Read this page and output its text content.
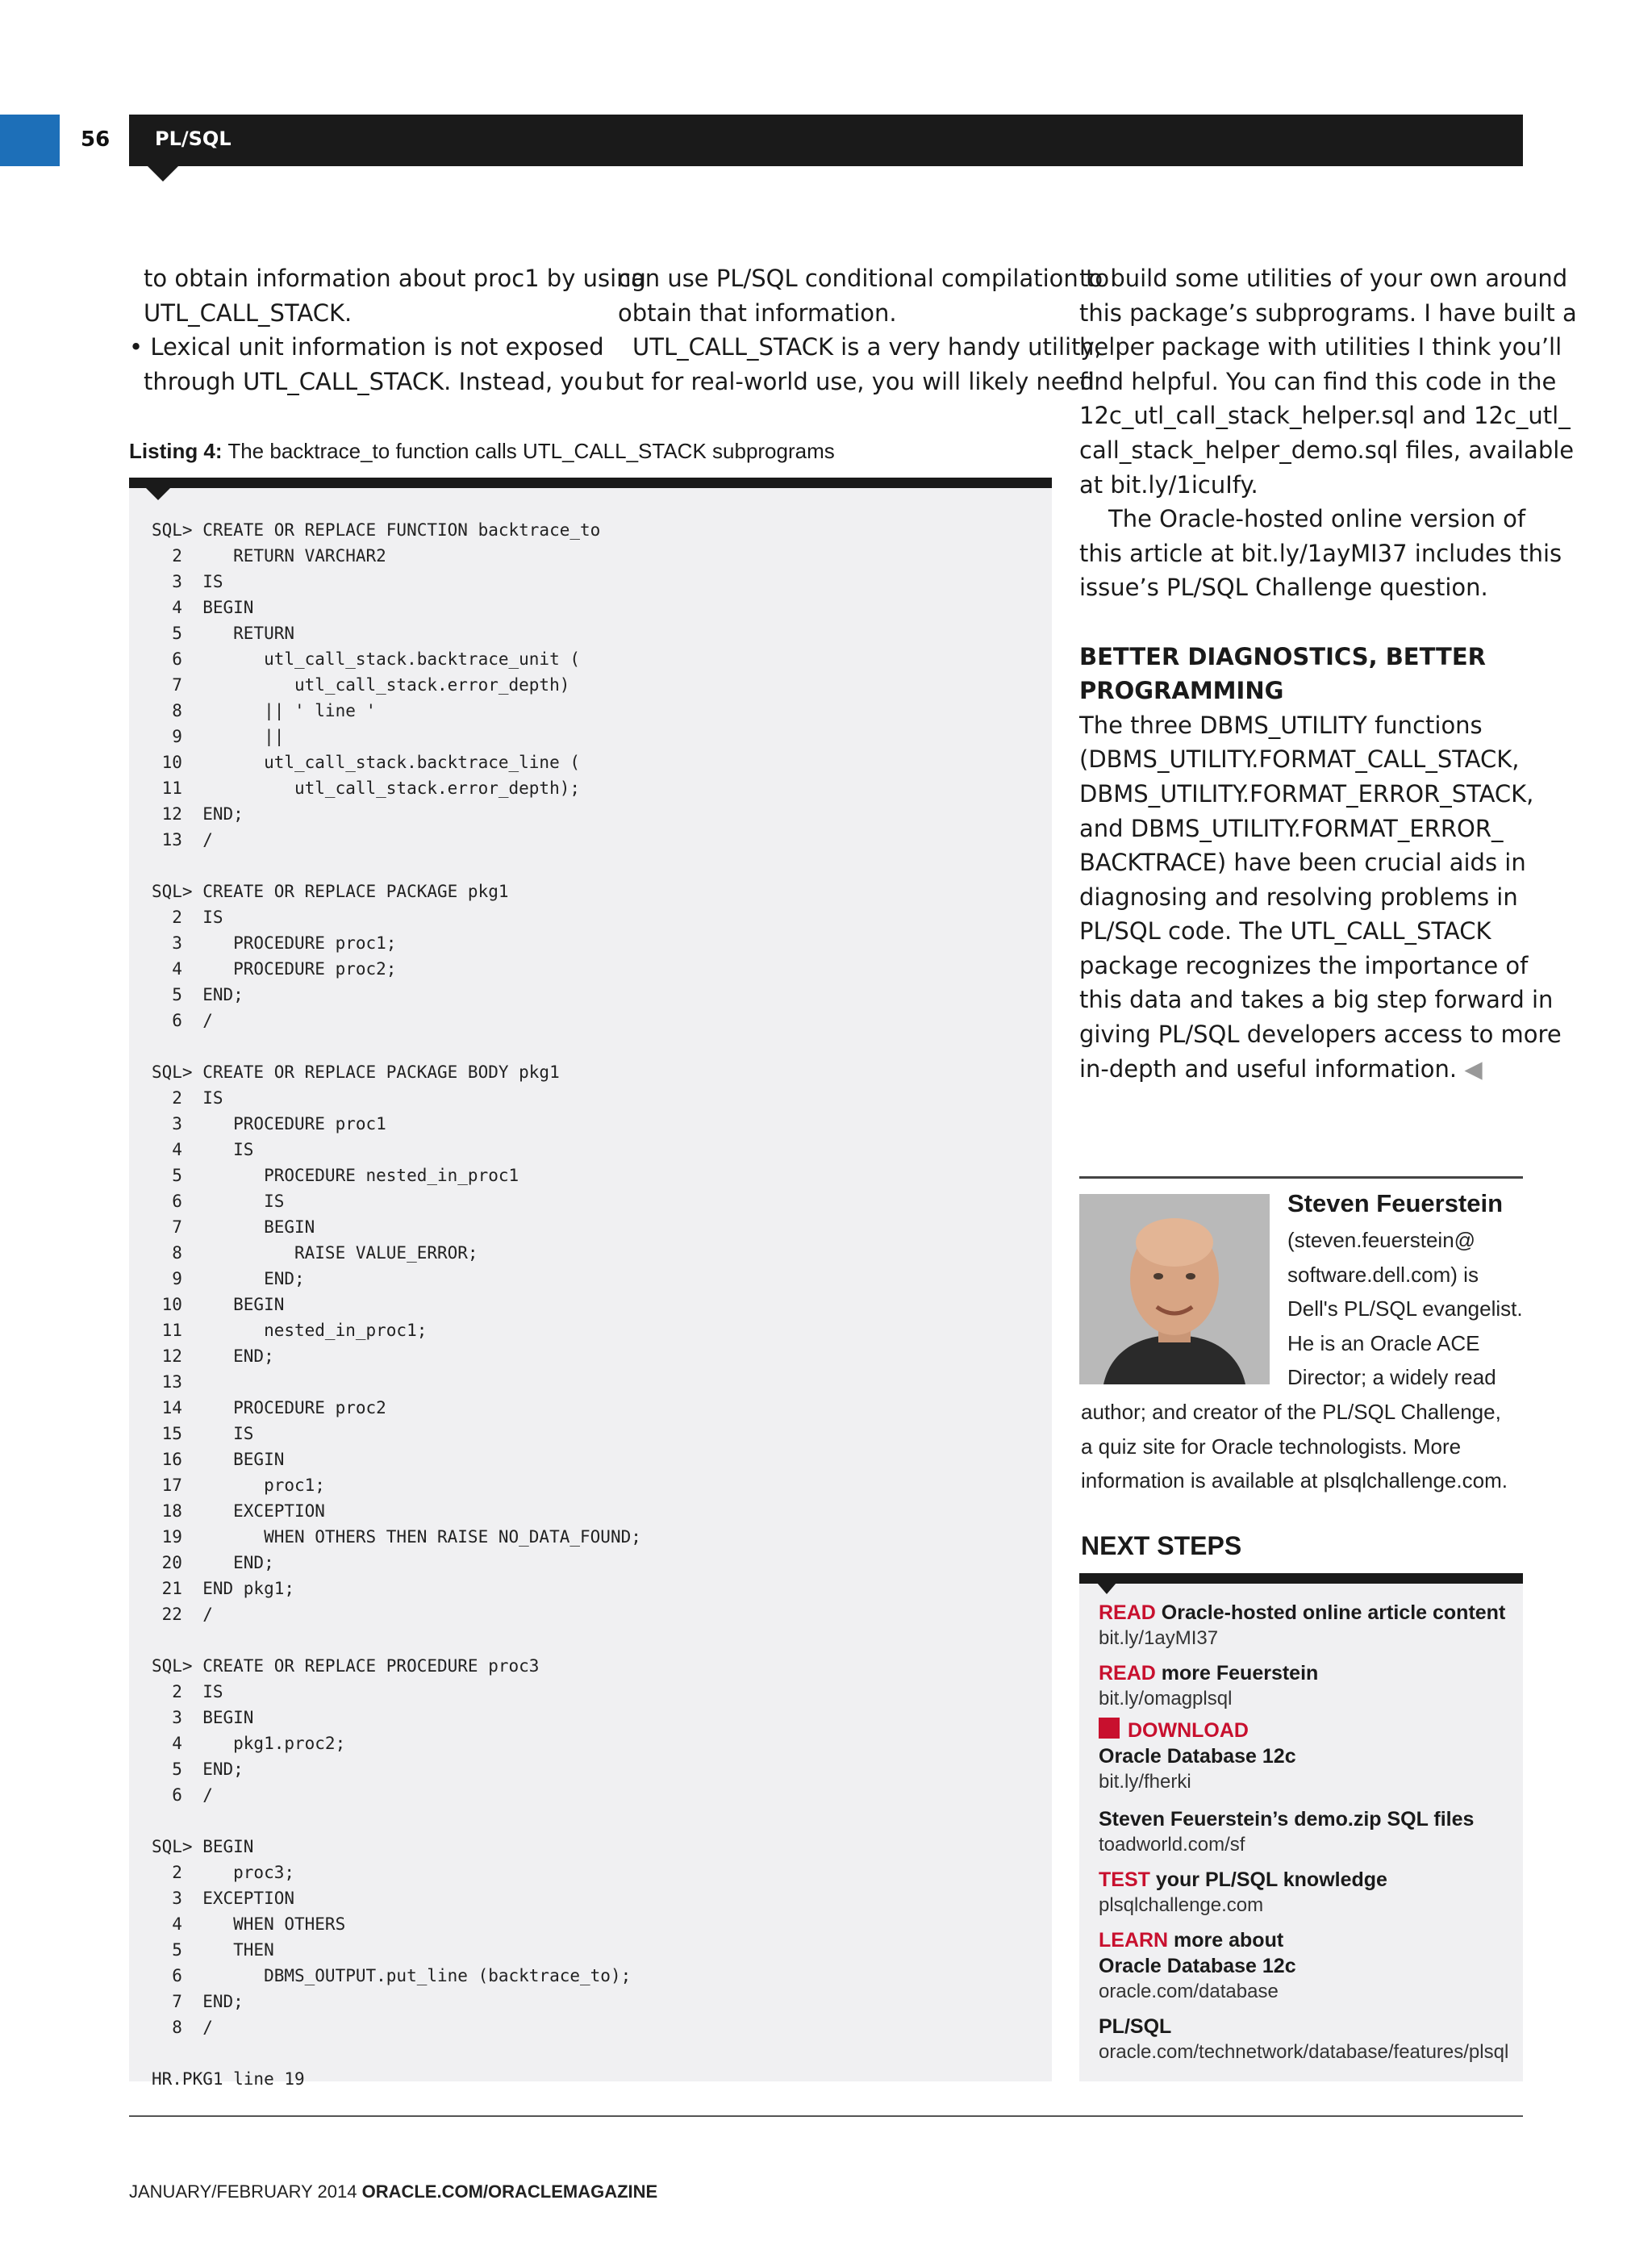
56 PL/SQL

to obtain information about proc1 by using

UTL_CALL_STACK.

• Lexical unit information is not exposed

through UTL_CALL_STACK. Instead, you

can use PL/SQL conditional compilation to

obtain that information.

UTL_CALL_STACK is a very handy utility,

but for real-world use, you will likely need

Listing 4: The backtrace_to function calls UTL_CALL_STACK subprograms
SQL> CREATE OR REPLACE FUNCTION backtrace_to
2     RETURN VARCHAR2
3  IS
4  BEGIN
5     RETURN
6        utl_call_stack.backtrace_unit (
7           utl_call_stack.error_depth)
8        || ' line '
9        ||
10        utl_call_stack.backtrace_line (
11           utl_call_stack.error_depth);
12  END;
13  /

SQL> CREATE OR REPLACE PACKAGE pkg1
2  IS
3     PROCEDURE proc1;
4     PROCEDURE proc2;
5  END;
6  /

SQL> CREATE OR REPLACE PACKAGE BODY pkg1
2  IS
3     PROCEDURE proc1
4     IS
5        PROCEDURE nested_in_proc1
6        IS
7        BEGIN
8           RAISE VALUE_ERROR;
9        END;
10     BEGIN
11        nested_in_proc1;
12     END;
13
14     PROCEDURE proc2
15     IS
16     BEGIN
17        proc1;
18     EXCEPTION
19        WHEN OTHERS THEN RAISE NO_DATA_FOUND;
20     END;
21  END pkg1;
22  /

SQL> CREATE OR REPLACE PROCEDURE proc3
2  IS
3  BEGIN
4     pkg1.proc2;
5  END;
6  /

SQL> BEGIN
2     proc3;
3  EXCEPTION
4     WHEN OTHERS
5     THEN
6        DBMS_OUTPUT.put_line (backtrace_to);
7  END;
8  /

HR.PKG1 line 19

to build some utilities of your own around

this package’s subprograms. I have built a

helper package with utilities I think you’ll

find helpful. You can find this code in the

12c_utl_call_stack_helper.sql and 12c_utl_

call_stack_helper_demo.sql files, available

at bit.ly/1icuIfy.

The Oracle-hosted online version of

this article at bit.ly/1ayMI37 includes this

issue’s PL/SQL Challenge question.

BETTER DIAGNOSTICS, BETTER

PROGRAMMING

The three DBMS_UTILITY functions

(DBMS_UTILITY.FORMAT_CALL_STACK,

DBMS_UTILITY.FORMAT_ERROR_STACK,

and DBMS_UTILITY.FORMAT_ERROR_

BACKTRACE) have been crucial aids in

diagnosing and resolving problems in

PL/SQL code. The UTL_CALL_STACK

package recognizes the importance of

this data and takes a big step forward in

giving PL/SQL developers access to more

in-depth and useful information. ◀

Steven Feuerstein

(steven.feuerstein@

software.dell.com) is

Dell's PL/SQL evangelist.

He is an Oracle ACE

Director; a widely read

author; and creator of the PL/SQL Challenge,

a quiz site for Oracle technologists. More

information is available at plsqlchallenge.com.

NEXT STEPS
READ Oracle-hosted online article content
bit.ly/1ayMI37
READ more Feuerstein
bit.ly/omagplsql
DOWNLOAD
Oracle Database 12c
bit.ly/fherki
Steven Feuerstein’s demo.zip SQL files
toadworld.com/sf
TEST your PL/SQL knowledge
plsqlchallenge.com
LEARN more about
Oracle Database 12c
oracle.com/database
PL/SQL
oracle.com/technetwork/database/features/plsql
JANUARY/FEBRUARY 2014 ORACLE.COM/ORACLEMAGAZINE
